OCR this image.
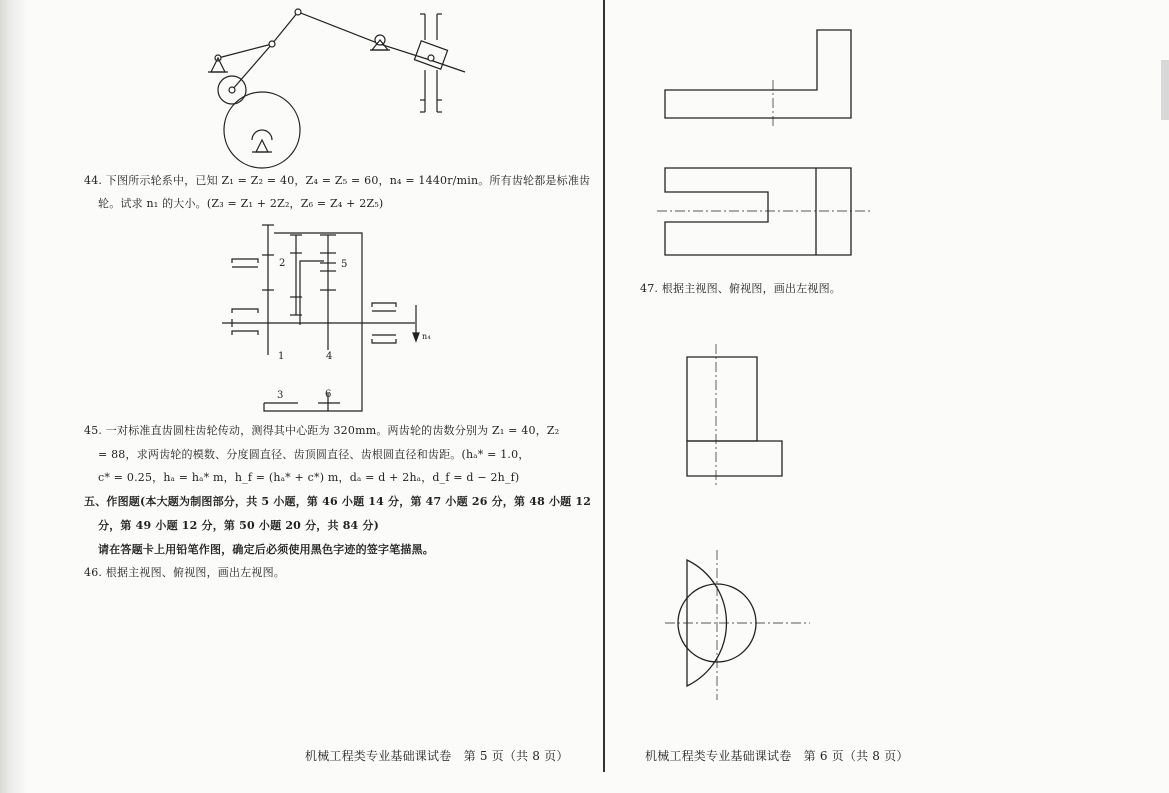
44. 下图所示轮系中，已知 Z₁ = Z₂ = 40，Z₄ = Z₅ = 60，n₄ = 1440r/min。所有齿轮都是标准齿
轮。试求 n₁ 的大小。(Z₃ = Z₁ + 2Z₂，Z₆ = Z₄ + 2Z₅)
2	5
1	4
3	6
n₄
45. 一对标准直齿圆柱齿轮传动，测得其中心距为 320mm。两齿轮的齿数分别为 Z₁ = 40，Z₂
= 88，求两齿轮的模数、分度圆直径、齿顶圆直径、齿根圆直径和齿距。(hₐ* = 1.0，
c* = 0.25，hₐ = hₐ* m，h_f = (hₐ* + c*) m，dₐ = d + 2hₐ，d_f = d − 2h_f)
五、作图题(本大题为制图部分，共 5 小题，第 46 小题 14 分，第 47 小题 26 分，第 48 小题 12
分，第 49 小题 12 分，第 50 小题 20 分，共 84 分)
请在答题卡上用铅笔作图，确定后必须使用黑色字迹的签字笔描黑。
46. 根据主视图、俯视图，画出左视图。
机械工程类专业基础课试卷　第 5 页（共 8 页）
47. 根据主视图、俯视图，画出左视图。
机械工程类专业基础课试卷　第 6 页（共 8 页）
